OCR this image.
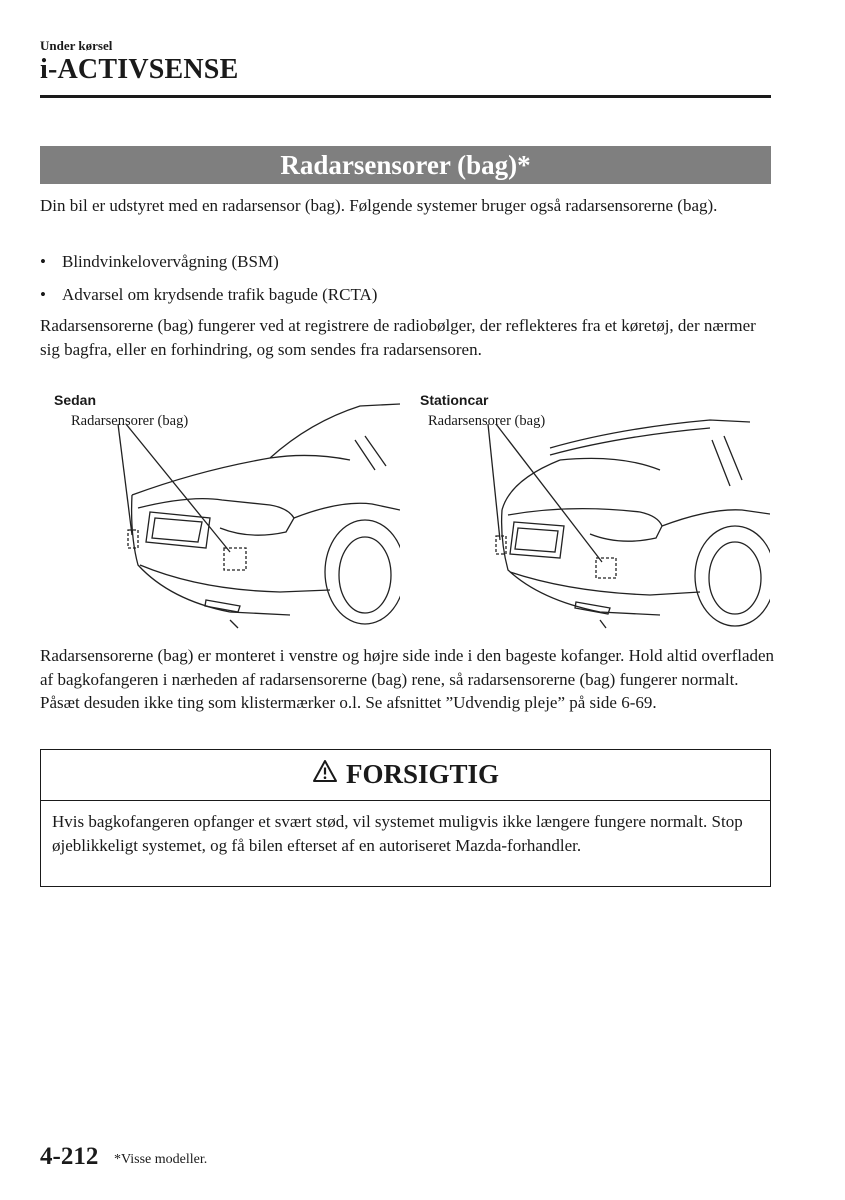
Under kørsel
i-ACTIVSENSE
Radarsensorer (bag)*
Din bil er udstyret med en radarsensor (bag). Følgende systemer bruger også radarsensorerne (bag).
• Blindvinkelovervågning (BSM)
• Advarsel om krydsende trafik bagude (RCTA)
Radarsensorerne (bag) fungerer ved at registrere de radiobølger, der reflekteres fra et køretøj, der nærmer sig bagfra, eller en forhindring, og som sendes fra radarsensoren.
Sedan
Radarsensorer (bag)
Stationcar
Radarsensorer (bag)
Radarsensorerne (bag) er monteret i venstre og højre side inde i den bageste kofanger. Hold altid overfladen af bagkofangeren i nærheden af radarsensorerne (bag) rene, så radarsensorerne (bag) fungerer normalt. Påsæt desuden ikke ting som klistermærker o.l. Se afsnittet ”Udvendig pleje” på side 6-69.
FORSIGTIG
Hvis bagkofangeren opfanger et svært stød, vil systemet muligvis ikke længere fungere normalt. Stop øjeblikkeligt systemet, og få bilen efterset af en autoriseret Mazda-forhandler.
4-212 *Visse modeller.
